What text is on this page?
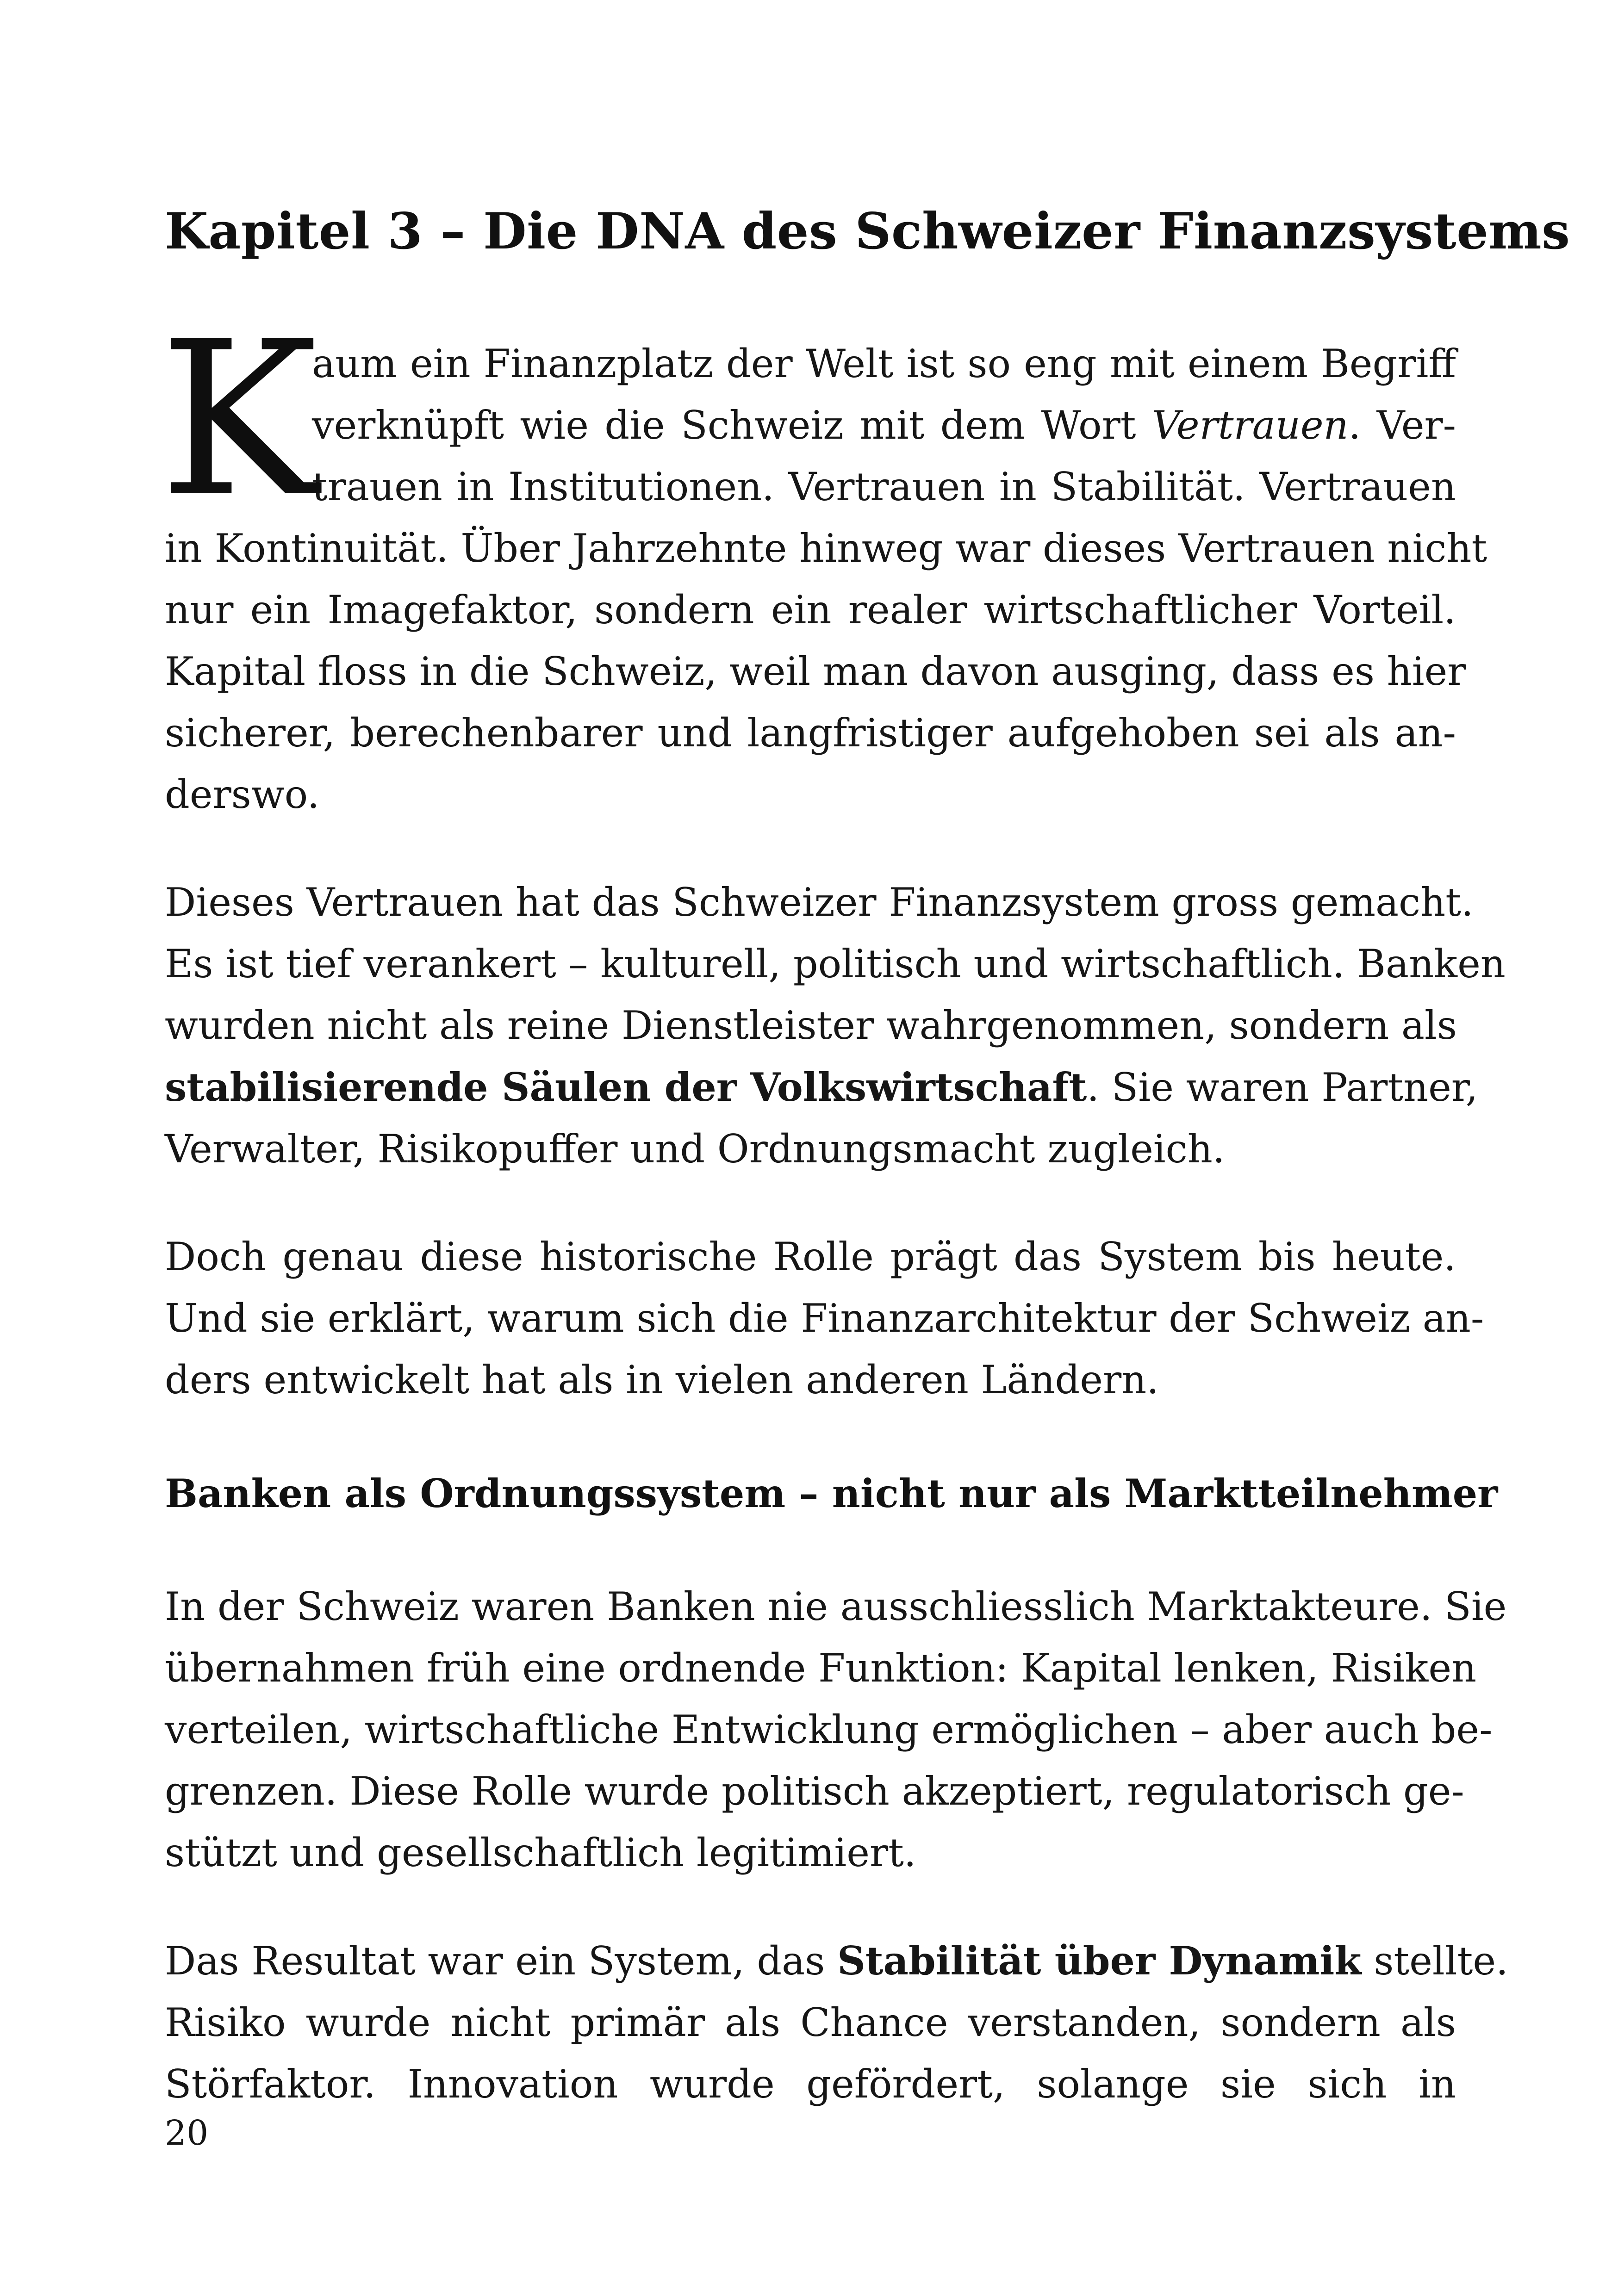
Kapitel 3 – Die DNA des Schweizer Finanzsystems
K
aum ein Finanzplatz der Welt ist so eng mit einem Begriff
verknüpft wie die Schweiz mit dem Wort Vertrauen. Ver-
trauen in Institutionen. Vertrauen in Stabilität. Vertrauen
in Kontinuität. Über Jahrzehnte hinweg war dieses Vertrauen nicht
nur ein Imagefaktor, sondern ein realer wirtschaftlicher Vorteil.
Kapital floss in die Schweiz, weil man davon ausging, dass es hier
sicherer, berechenbarer und langfristiger aufgehoben sei als an-
derswo.
Dieses Vertrauen hat das Schweizer Finanzsystem gross gemacht.
Es ist tief verankert – kulturell, politisch und wirtschaftlich. Banken
wurden nicht als reine Dienstleister wahrgenommen, sondern als
stabilisierende Säulen der Volkswirtschaft. Sie waren Partner,
Verwalter, Risikopuffer und Ordnungsmacht zugleich.
Doch genau diese historische Rolle prägt das System bis heute.
Und sie erklärt, warum sich die Finanzarchitektur der Schweiz an-
ders entwickelt hat als in vielen anderen Ländern.
Banken als Ordnungssystem – nicht nur als Marktteilnehmer
In der Schweiz waren Banken nie ausschliesslich Marktakteure. Sie
übernahmen früh eine ordnende Funktion: Kapital lenken, Risiken
verteilen, wirtschaftliche Entwicklung ermöglichen – aber auch be-
grenzen. Diese Rolle wurde politisch akzeptiert, regulatorisch ge-
stützt und gesellschaftlich legitimiert.
Das Resultat war ein System, das Stabilität über Dynamik stellte.
Risiko wurde nicht primär als Chance verstanden, sondern als
Störfaktor. Innovation wurde gefördert, solange sie sich in
20
